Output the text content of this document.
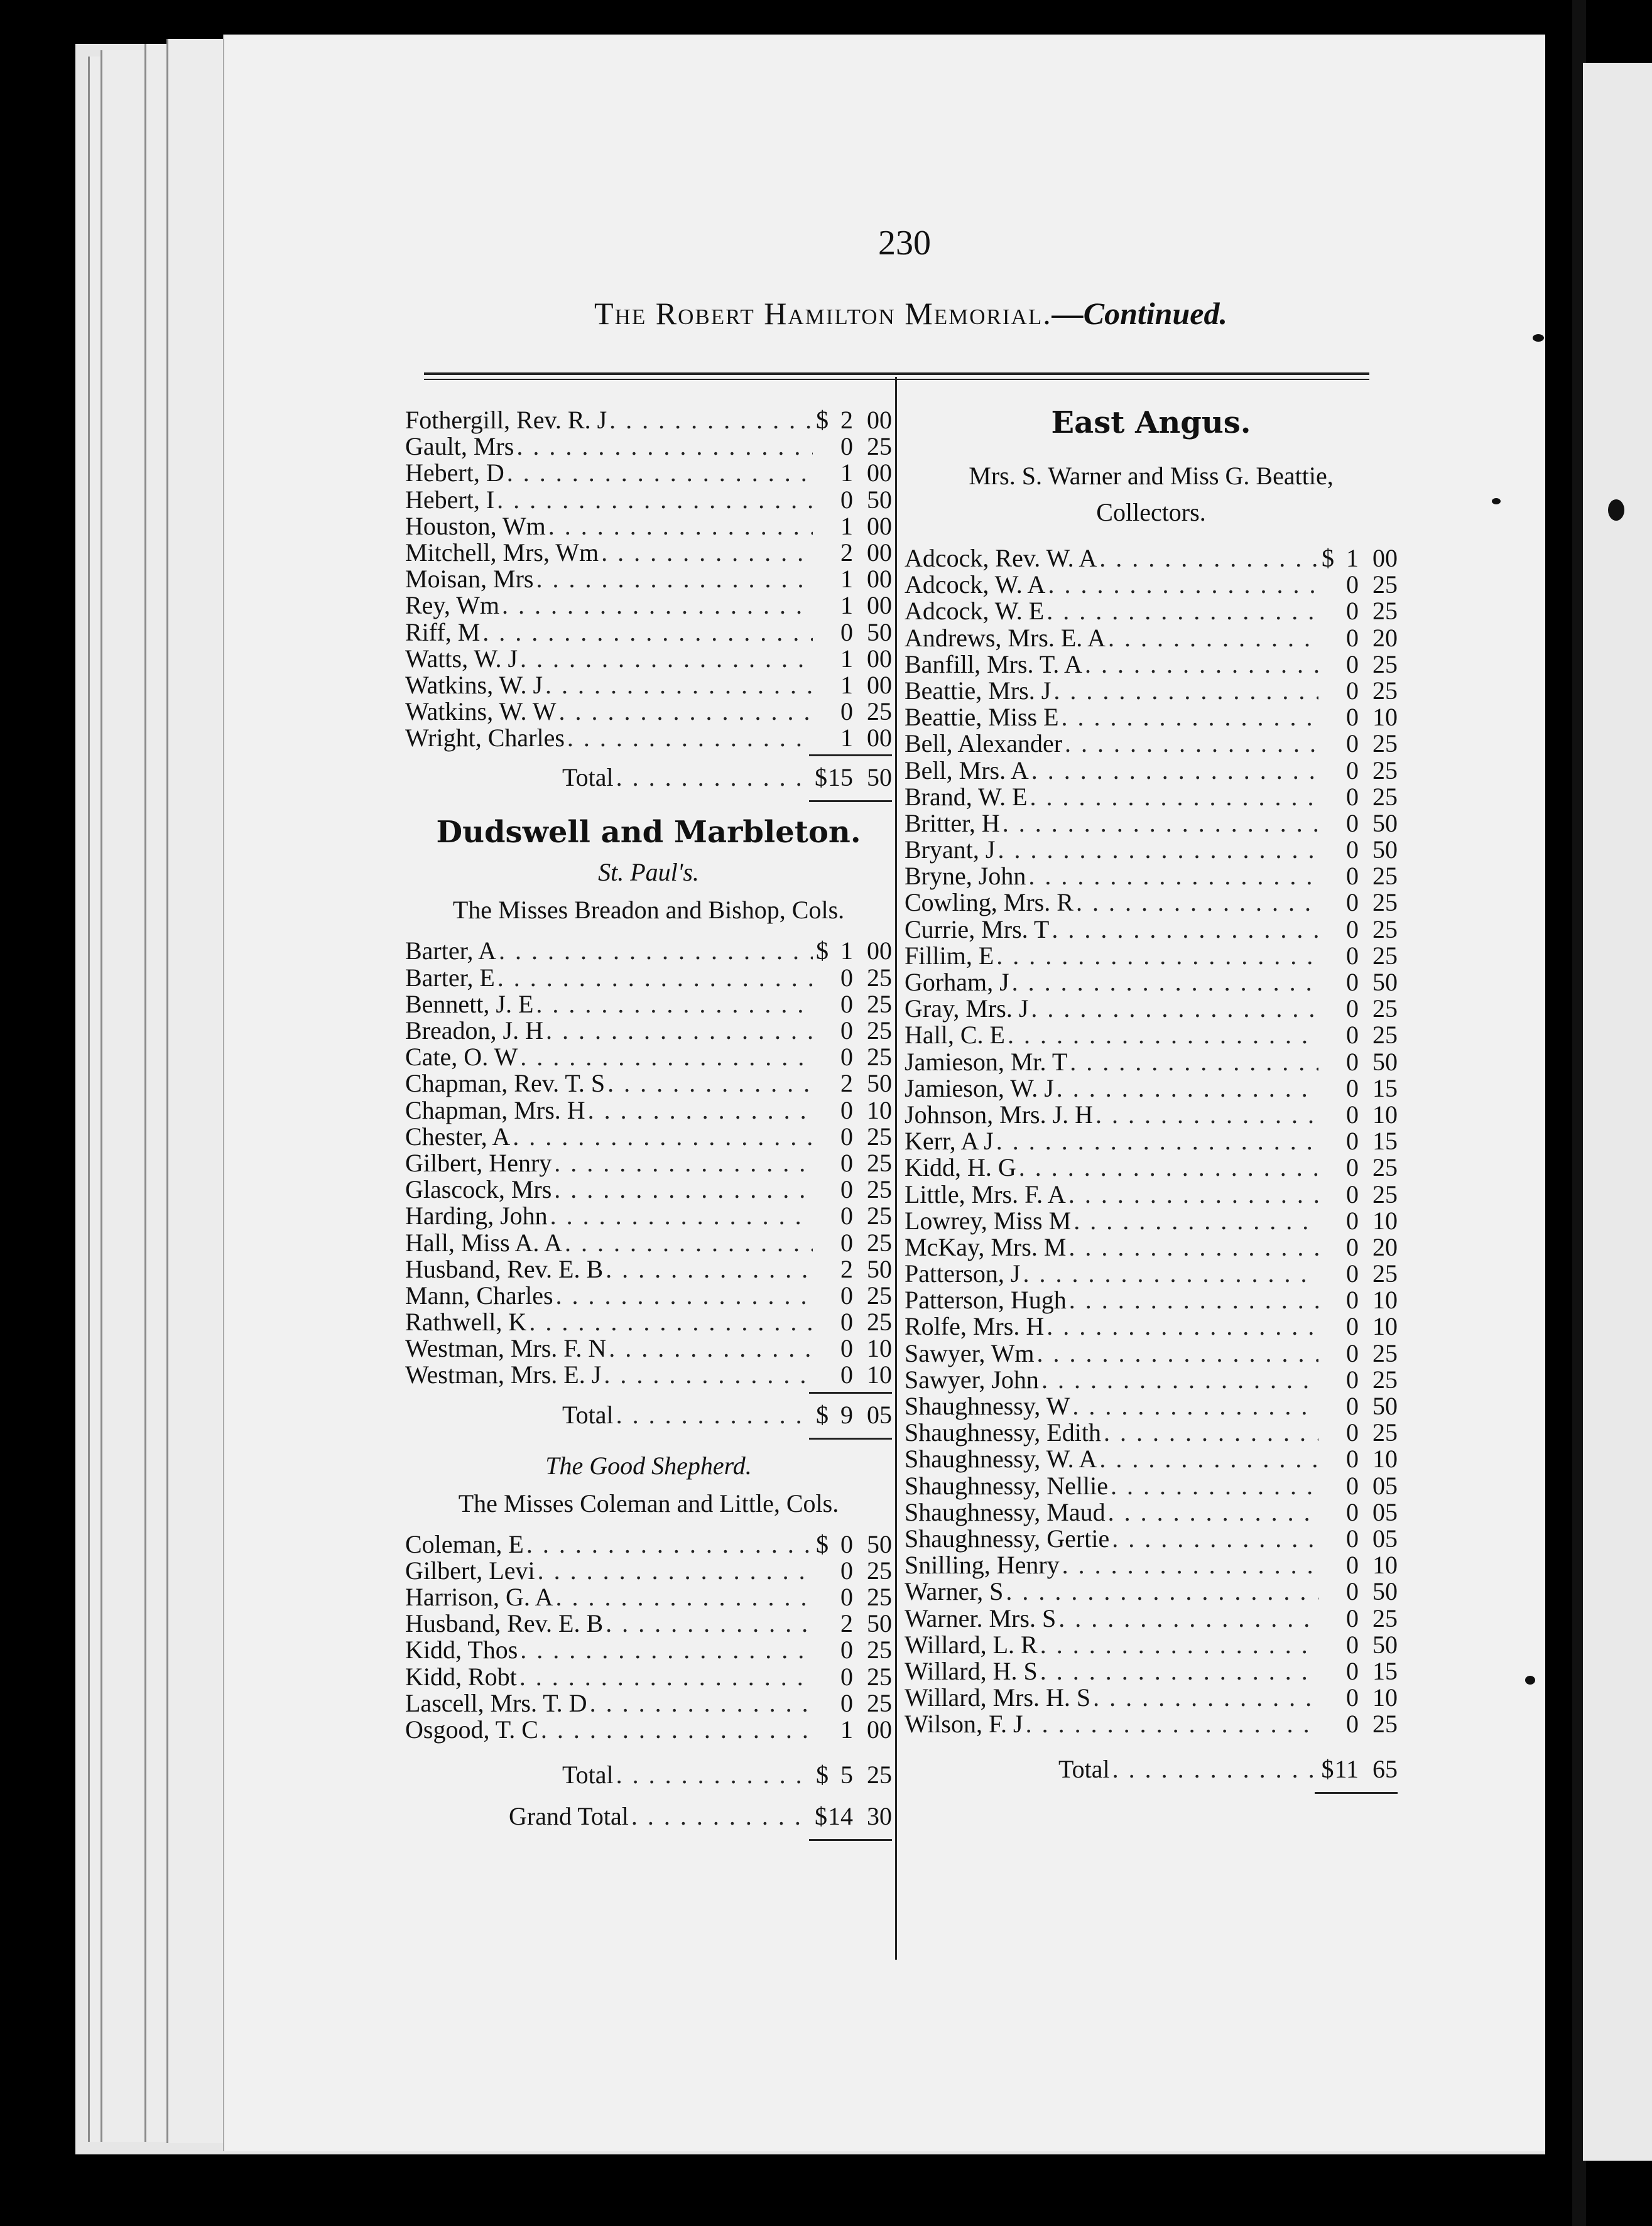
230
The Robert Hamilton Memorial.—Continued.
Fothergill, Rev. R. J . . .	$ 2 00
Gault, Mrs . . .	0 25
Hebert, D . . .	1 00
Hebert, I . . .	0 50
Houston, Wm . . .	1 00
Mitchell, Mrs, Wm . . .	2 00
Moisan, Mrs . . .	1 00
Rey, Wm . . .	1 00
Riff, M . . .	0 50
Watts, W. J . . .	1 00
Watkins, W. J . . .	1 00
Watkins, W. W . . .	0 25
Wright, Charles . . .	1 00
Total . . .	$ 15 50
Dudswell and Marbleton.
St. Paul's.
The Misses Breadon and Bishop, Cols.
Barter, A . . .	$ 1 00
Barter, E . . .	0 25
Bennett, J. E . . .	0 25
Breadon, J. H . . .	0 25
Cate, O. W . . .	0 25
Chapman, Rev. T. S . . .	2 50
Chapman, Mrs. H . . .	0 10
Chester, A . . .	0 25
Gilbert, Henry . . .	0 25
Glascock, Mrs . . .	0 25
Harding, John . . .	0 25
Hall, Miss A. A . . .	0 25
Husband, Rev. E. B . . .	2 50
Mann, Charles . . .	0 25
Rathwell, K . . .	0 25
Westman, Mrs. F. N . . .	0 10
Westman, Mrs. E. J . . .	0 10
Total . . .	$ 9 05
The Good Shepherd.
The Misses Coleman and Little, Cols.
Coleman, E . . .	$ 0 50
Gilbert, Levi . . .	0 25
Harrison, G. A . . .	0 25
Husband, Rev. E. B . . .	2 50
Kidd, Thos . . .	0 25
Kidd, Robt . . .	0 25
Lascell, Mrs. T. D . . .	0 25
Osgood, T. C . . .	1 00
Total . . .	$ 5 25
Grand Total . . .	$ 14 30
East Angus.
Mrs. S. Warner and Miss G. Beattie,
Collectors.
Adcock, Rev. W. A . . .	$ 1 00
Adcock, W. A . . .	0 25
Adcock, W. E . . .	0 25
Andrews, Mrs. E. A . . .	0 20
Banfill, Mrs. T. A . . .	0 25
Beattie, Mrs. J . . .	0 25
Beattie, Miss E . . .	0 10
Bell, Alexander . . .	0 25
Bell, Mrs. A . . .	0 25
Brand, W. E . . .	0 25
Britter, H . . .	0 50
Bryant, J . . .	0 50
Bryne, John . . .	0 25
Cowling, Mrs. R . . .	0 25
Currie, Mrs. T . . .	0 25
Fillim, E . . .	0 25
Gorham, J . . .	0 50
Gray, Mrs. J . . .	0 25
Hall, C. E . . .	0 25
Jamieson, Mr. T . . .	0 50
Jamieson, W. J . . .	0 15
Johnson, Mrs. J. H . . .	0 10
Kerr, A J . . .	0 15
Kidd, H. G . . .	0 25
Little, Mrs. F. A . . .	0 25
Lowrey, Miss M . . .	0 10
McKay, Mrs. M . . .	0 20
Patterson, J . . .	0 25
Patterson, Hugh . . .	0 10
Rolfe, Mrs. H . . .	0 10
Sawyer, Wm . . .	0 25
Sawyer, John . . .	0 25
Shaughnessy, W . . .	0 50
Shaughnessy, Edith . . .	0 25
Shaughnessy, W. A . . .	0 10
Shaughnessy, Nellie . . .	0 05
Shaughnessy, Maud . . .	0 05
Shaughnessy, Gertie . . .	0 05
Snilling, Henry . . .	0 10
Warner, S . . .	0 50
Warner. Mrs. S . . .	0 25
Willard, L. R . . .	0 50
Willard, H. S . . .	0 15
Willard, Mrs. H. S . . .	0 10
Wilson, F. J . . .	0 25
Total . . .	$ 11 65
